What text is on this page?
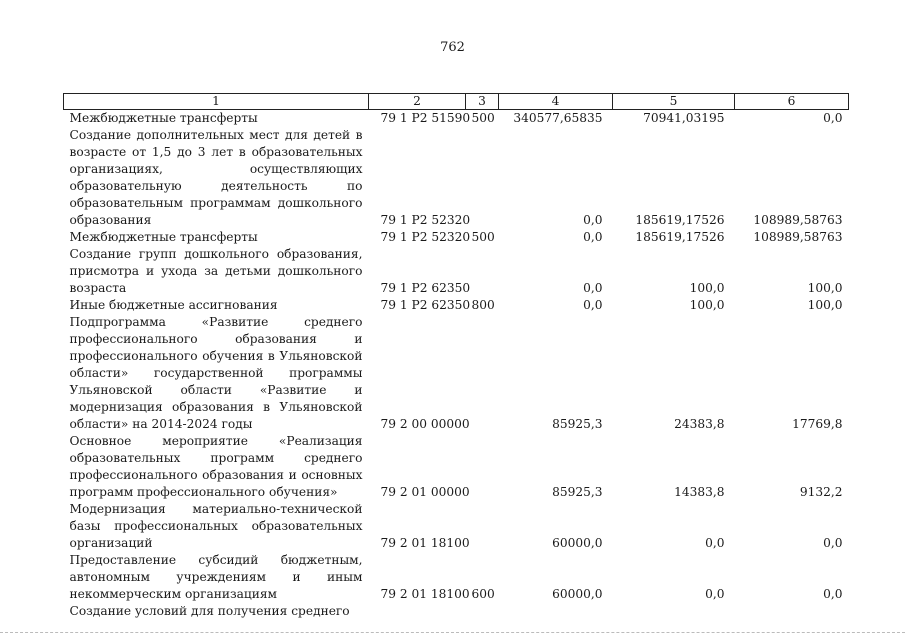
762
1	2	3	4	5	6
Межбюджетные трансферты	79 1 Р2 51590	500	340577,65835	70941,03195	0,0
Создание дополнительных мест для детей в возрасте от 1,5 до 3 лет в образовательных организациях, осуществляющих образовательную деятельность по образовательным программам дошкольного образования	79 1 Р2 52320		0,0	185619,17526	108989,58763
Межбюджетные трансферты	79 1 Р2 52320	500	0,0	185619,17526	108989,58763
Создание групп дошкольного образования, присмотра и ухода за детьми дошкольного возраста	79 1 Р2 62350		0,0	100,0	100,0
Иные бюджетные ассигнования	79 1 Р2 62350	800	0,0	100,0	100,0
Подпрограмма «Развитие среднего профессионального образования и профессионального обучения в Ульяновской области» государственной программы Ульяновской области «Развитие и модернизация образования в Ульяновской области» на 2014-2024 годы	79 2 00 00000		85925,3	24383,8	17769,8
Основное мероприятие «Реализация образовательных программ среднего профессионального образования и основных программ профессионального обучения»	79 2 01 00000		85925,3	14383,8	9132,2
Модернизация материально-технической базы профессиональных образовательных организаций	79 2 01 18100		60000,0	0,0	0,0
Предоставление субсидий бюджетным, автономным учреждениям и иным некоммерческим организациям	79 2 01 18100	600	60000,0	0,0	0,0
Создание условий для получения среднего					
